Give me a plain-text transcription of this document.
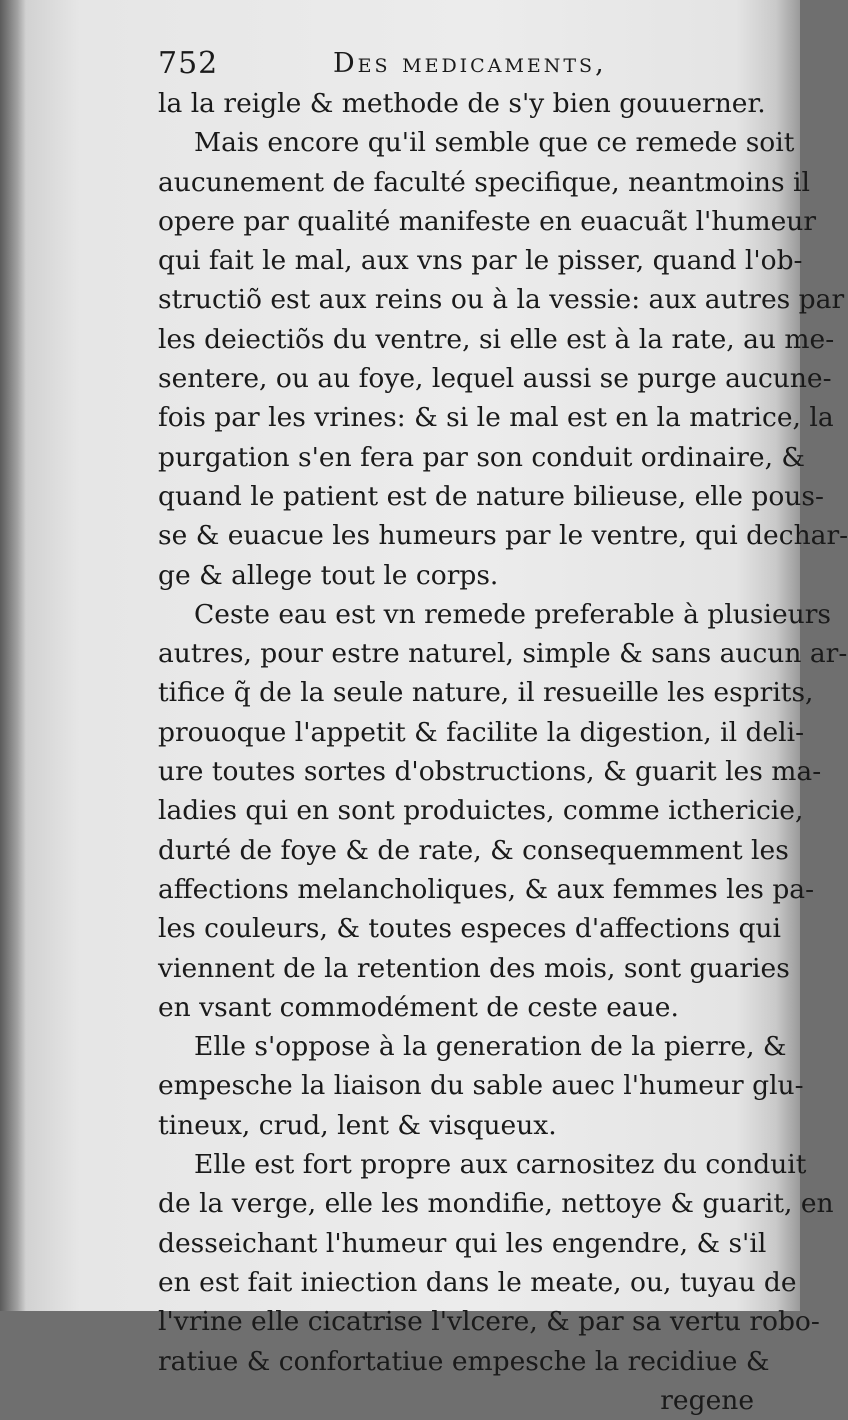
752	Des medicaments,
la la reigle & methode de s'y bien gouuerner.
Mais encore qu'il semble que ce remede soit
aucunement de faculté specifique, neantmoins il
opere par qualité manifeste en euacuãt l'humeur
qui fait le mal, aux vns par le pisser, quand l'ob-
structiõ est aux reins ou à la vessie: aux autres par
les deiectiõs du ventre, si elle est à la rate, au me-
sentere, ou au foye, lequel aussi se purge aucune-
fois par les vrines: & si le mal est en la matrice, la
purgation s'en fera par son conduit ordinaire, &
quand le patient est de nature bilieuse, elle pous-
se & euacue les humeurs par le ventre, qui dechar-
ge & allege tout le corps.
Ceste eau est vn remede preferable à plusieurs
autres, pour estre naturel, simple & sans aucun ar-
tifice q̃ de la seule nature, il resueille les esprits,
prouoque l'appetit & facilite la digestion, il deli-
ure toutes sortes d'obstructions, & guarit les ma-
ladies qui en sont produictes, comme icthericie,
durté de foye & de rate, & consequemment les
affections melancholiques, & aux femmes les pa-
les couleurs, & toutes especes d'affections qui
viennent de la retention des mois, sont guaries
en vsant commodément de ceste eaue.
Elle s'oppose à la generation de la pierre, &
empesche la liaison du sable auec l'humeur glu-
tineux, crud, lent & visqueux.
Elle est fort propre aux carnositez du conduit
de la verge, elle les mondifie, nettoye & guarit, en
desseichant l'humeur qui les engendre, & s'il
en est fait iniection dans le meate, ou, tuyau de
l'vrine elle cicatrise l'vlcere, & par sa vertu robo-
ratiue & confortatiue empesche la recidiue &
regene
